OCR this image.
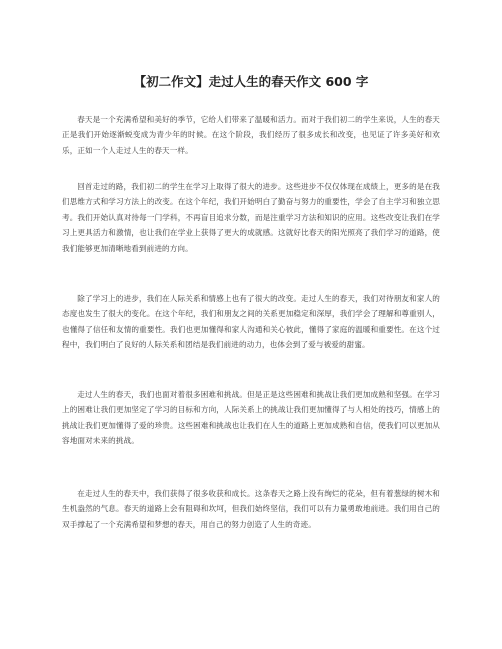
【初二作文】走过人生的春天作文 600 字

春天是一个充满希望和美好的季节，它给人们带来了温暖和活力。而对于我们初二的学生来说，人生的春天正是我们开始逐渐蜕变成为青少年的时候。在这个阶段，我们经历了很多成长和改变，也见证了许多美好和欢乐，正如一个人走过人生的春天一样。

回首走过的路，我们初二的学生在学习上取得了很大的进步。这些进步不仅仅体现在成绩上，更多的是在我们思维方式和学习方法上的改变。在这个年纪，我们开始明白了勤奋与努力的重要性，学会了自主学习和独立思考。我们开始认真对待每一门学科，不再盲目追求分数，而是注重学习方法和知识的应用。这些改变让我们在学习上更具活力和激情，也让我们在学业上获得了更大的成就感。这就好比春天的阳光照亮了我们学习的道路，使我们能够更加清晰地看到前进的方向。

除了学习上的进步，我们在人际关系和情感上也有了很大的改变。走过人生的春天，我们对待朋友和家人的态度也发生了很大的变化。在这个年纪，我们和朋友之间的关系更加稳定和深厚，我们学会了理解和尊重别人，也懂得了信任和友情的重要性。我们也更加懂得和家人沟通和关心彼此，懂得了家庭的温暖和重要性。在这个过程中，我们明白了良好的人际关系和团结是我们前进的动力，也体会到了爱与被爱的甜蜜。

走过人生的春天，我们也面对着很多困难和挑战。但是正是这些困难和挑战让我们更加成熟和坚强。在学习上的困难让我们更加坚定了学习的目标和方向，人际关系上的挑战让我们更加懂得了与人相处的技巧，情感上的挑战让我们更加懂得了爱的珍贵。这些困难和挑战也让我们在人生的道路上更加成熟和自信，使我们可以更加从容地面对未来的挑战。

在走过人生的春天中，我们获得了很多收获和成长。这条春天之路上没有绚烂的花朵，但有着葱绿的树木和生机盎然的气息。春天的道路上会有阻碍和坎坷，但我们始终坚信，我们可以有力量勇敢地前进。我们用自己的双手撑起了一个充满希望和梦想的春天，用自己的努力创造了人生的奇迹。
